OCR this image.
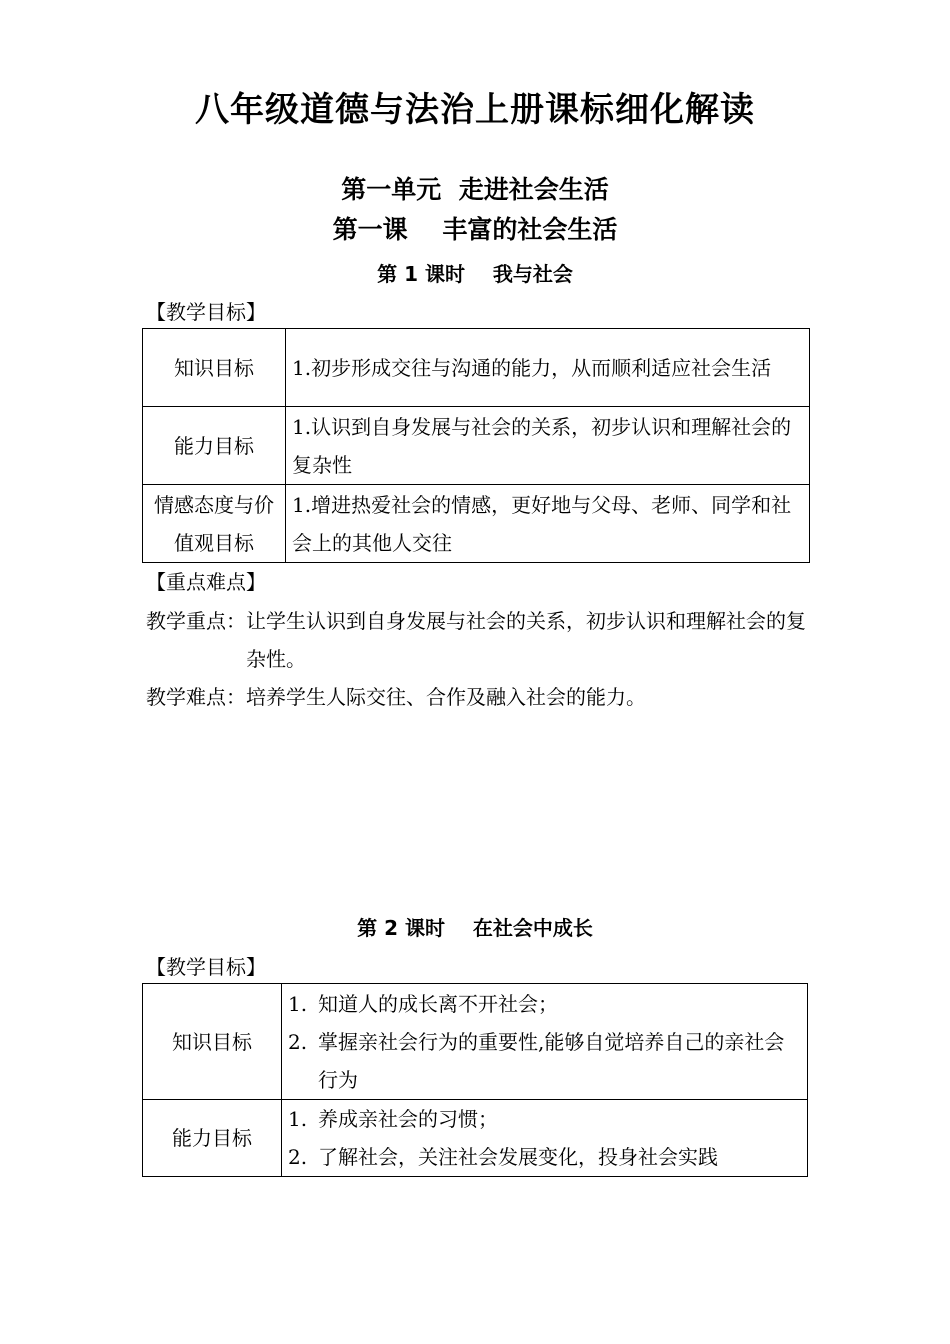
八年级道德与法治上册课标细化解读
第一单元  走进社会生活
第一课    丰富的社会生活
第 1 课时    我与社会
【教学目标】
知识目标	1.初步形成交往与沟通的能力，从而顺利适应社会生活
能力目标	1.认识到自身发展与社会的关系，初步认识和理解社会的复杂性
情感态度与价值观目标	1.增进热爱社会的情感，更好地与父母、老师、同学和社会上的其他人交往
【重点难点】
教学重点： 让学生认识到自身发展与社会的关系，初步认识和理解社会的复杂性。
教学难点： 培养学生人际交往、合作及融入社会的能力。
第 2 课时    在社会中成长
【教学目标】
知识目标	1. 知道人的成长离不开社会；
2. 掌握亲社会行为的重要性,能够自觉培养自己的亲社会行为

能力目标	1. 养成亲社会的习惯；
2. 了解社会，关注社会发展变化，投身社会实践
